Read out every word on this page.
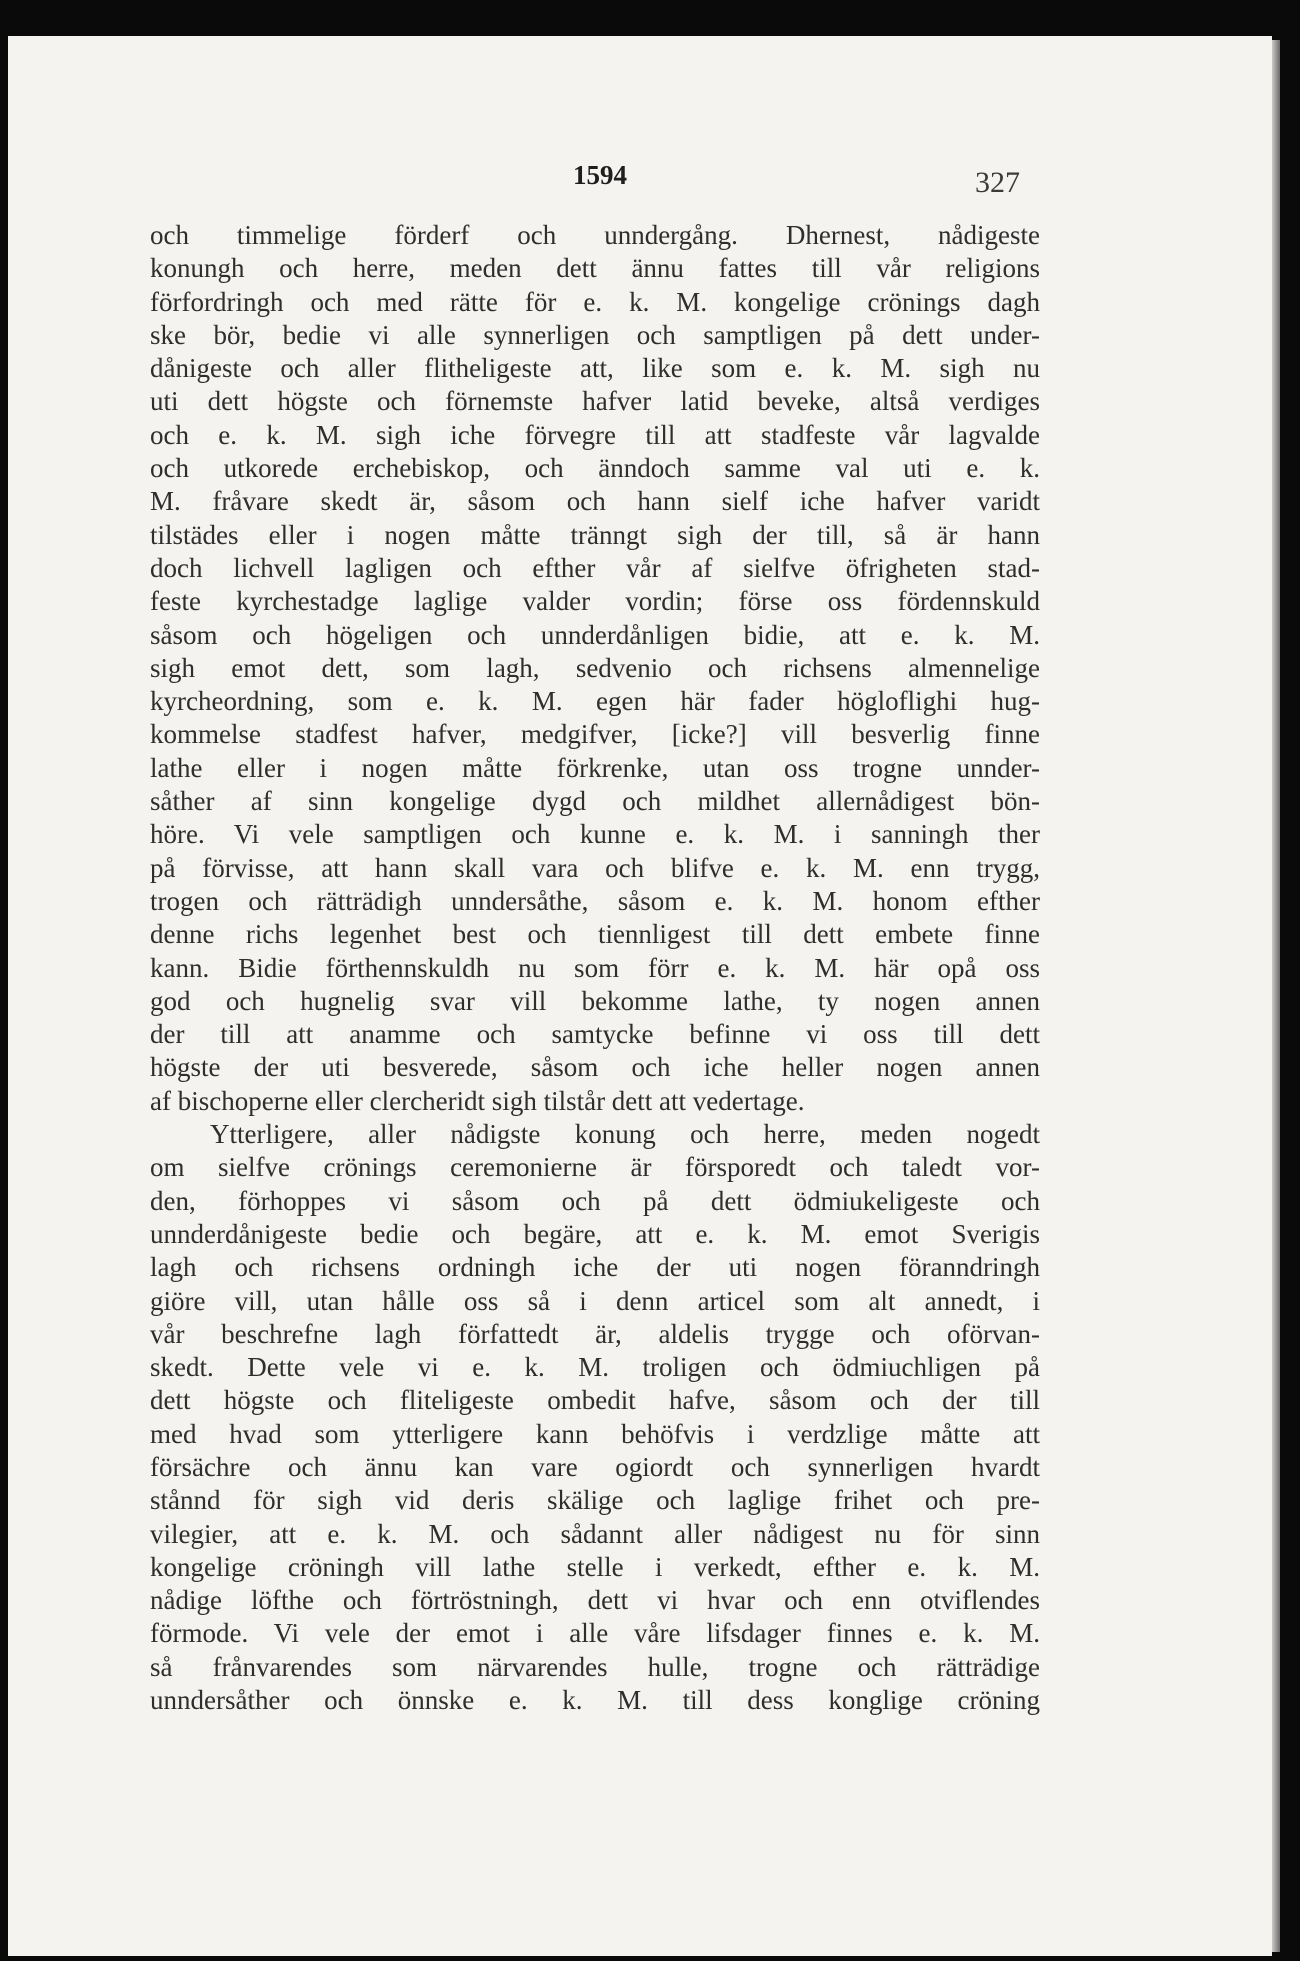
1594	327
och timmelige förderf och unndergång. Dhernest, nådigeste
konungh och herre, meden dett ännu fattes till vår religions
förfordringh och med rätte för e. k. M. kongelige crönings dagh
ske bör, bedie vi alle synnerligen och samptligen på dett under-
dånigeste och aller flitheligeste att, like som e. k. M. sigh nu
uti dett högste och förnemste hafver latid beveke, altså verdiges
och e. k. M. sigh iche förvegre till att stadfeste vår lagvalde
och utkorede erchebiskop, och änndoch samme val uti e. k.
M. fråvare skedt är, såsom och hann sielf iche hafver varidt
tilstädes eller i nogen måtte tränngt sigh der till, så är hann
doch lichvell lagligen och efther vår af sielfve öfrigheten stad-
feste kyrchestadge laglige valder vordin; förse oss fördennskuld
såsom och högeligen och unnderdånligen bidie, att e. k. M.
sigh emot dett, som lagh, sedvenio och richsens almennelige
kyrcheordning, som e. k. M. egen här fader högloflighi hug-
kommelse stadfest hafver, medgifver, [icke?] vill besverlig finne
lathe eller i nogen måtte förkrenke, utan oss trogne unnder-
såther af sinn kongelige dygd och mildhet allernådigest bön-
höre. Vi vele samptligen och kunne e. k. M. i sanningh ther
på förvisse, att hann skall vara och blifve e. k. M. enn trygg,
trogen och rätträdigh unndersåthe, såsom e. k. M. honom efther
denne richs legenhet best och tiennligest till dett embete finne
kann. Bidie förthennskuldh nu som förr e. k. M. här opå oss
god och hugnelig svar vill bekomme lathe, ty nogen annen
der till att anamme och samtycke befinne vi oss till dett
högste der uti besverede, såsom och iche heller nogen annen
af bischoperne eller clercheridt sigh tilstår dett att vedertage.
Ytterligere, aller nådigste konung och herre, meden nogedt
om sielfve crönings ceremonierne är försporedt och taledt vor-
den, förhoppes vi såsom och på dett ödmiukeligeste och
unnderdånigeste bedie och begäre, att e. k. M. emot Sverigis
lagh och richsens ordningh iche der uti nogen föranndringh
giöre vill, utan hålle oss så i denn articel som alt annedt, i
vår beschrefne lagh författedt är, aldelis trygge och oförvan-
skedt. Dette vele vi e. k. M. troligen och ödmiuchligen på
dett högste och fliteligeste ombedit hafve, såsom och der till
med hvad som ytterligere kann behöfvis i verdzlige måtte att
försächre och ännu kan vare ogiordt och synnerligen hvardt
stånnd för sigh vid deris skälige och laglige frihet och pre-
vilegier, att e. k. M. och sådannt aller nådigest nu för sinn
kongelige cröningh vill lathe stelle i verkedt, efther e. k. M.
nådige löfthe och förtröstningh, dett vi hvar och enn otviflendes
förmode. Vi vele der emot i alle våre lifsdager finnes e. k. M.
så frånvarendes som närvarendes hulle, trogne och rätträdige
unndersåther och önnske e. k. M. till dess konglige cröning
